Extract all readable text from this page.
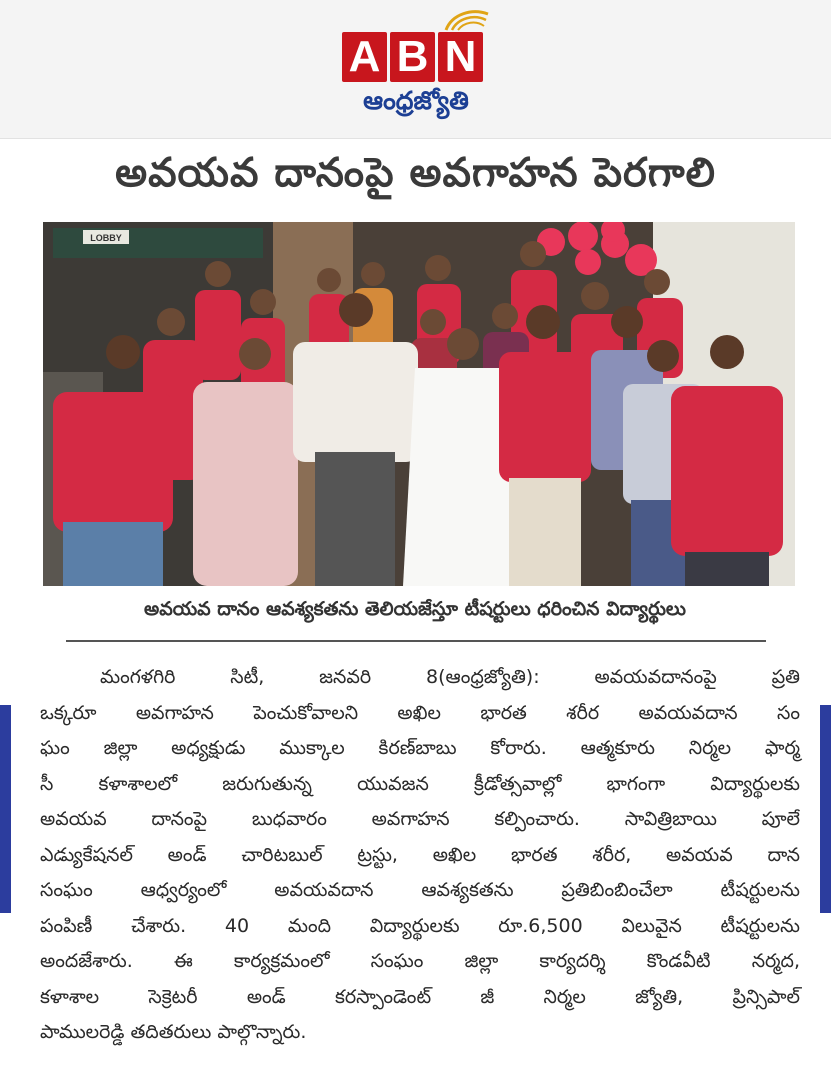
A B N
ఆంధ్రజ్యోతి
అవయవ దానంపై అవగాహన పెరగాలి
LOBBY
అవయవ దానం ఆవశ్యకతను తెలియజేస్తూ టీషర్టులు ధరించిన విద్యార్థులు
మంగళగిరి సిటీ, జనవరి 8(ఆంధ్రజ్యోతి): అవయవదానంపై ప్రతి
ఒక్కరూ అవగాహన పెంచుకోవాలని అఖిల భారత శరీర అవయవదాన సం
ఘం జిల్లా అధ్యక్షుడు ముక్కాల కిరణ్‌బాబు కోరారు. ఆత్మకూరు నిర్మల ఫార్మ
సీ కళాశాలలో జరుగుతున్న యువజన క్రీడోత్సవాల్లో భాగంగా విద్యార్థులకు
అవయవ దానంపై బుధవారం అవగాహన కల్పించారు. సావిత్రిబాయి పూలే
ఎడ్యుకేషనల్ అండ్ చారిటబుల్ ట్రస్టు, అఖిల భారత శరీర, అవయవ దాన
సంఘం ఆధ్వర్యంలో అవయవదాన ఆవశ్యకతను ప్రతిబింబించేలా టీషర్టులను
పంపిణీ చేశారు. 40 మంది విద్యార్థులకు రూ.6,500 విలువైన టీషర్టులను
అందజేశారు. ఈ కార్యక్రమంలో సంఘం జిల్లా కార్యదర్శి కొండవీటి నర్మద,
కళాశాల సెక్రెటరీ అండ్ కరస్పాండెంట్ జీ నిర్మల జ్యోతి, ప్రిన్సిపాల్
పాములరెడ్డి తదితరులు పాల్గొన్నారు.
